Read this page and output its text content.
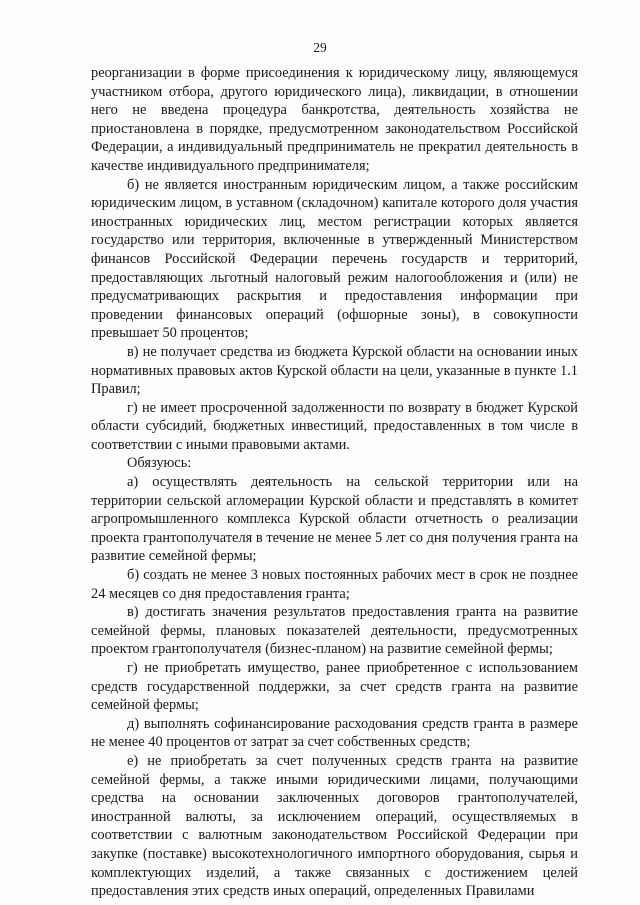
29

реорганизации в форме присоединения к юридическому лицу, являющемуся участником отбора, другого юридического лица), ликвидации, в отношении него не введена процедура банкротства, деятельность хозяйства не приостановлена в порядке, предусмотренном законодательством Российской Федерации, а индивидуальный предприниматель не прекратил деятельность в качестве индивидуального предпринимателя;

б) не является иностранным юридическим лицом, а также российским юридическим лицом, в уставном (складочном) капитале которого доля участия иностранных юридических лиц, местом регистрации которых является государство или территория, включенные в утвержденный Министерством финансов Российской Федерации перечень государств и территорий, предоставляющих льготный налоговый режим налогообложения и (или) не предусматривающих раскрытия и предоставления информации при проведении финансовых операций (офшорные зоны), в совокупности превышает 50 процентов;

в) не получает средства из бюджета Курской области на основании иных нормативных правовых актов Курской области на цели, указанные в пункте 1.1 Правил;

г) не имеет просроченной задолженности по возврату в бюджет Курской области субсидий, бюджетных инвестиций, предоставленных в том числе в соответствии с иными правовыми актами.

Обязуюсь:

а) осуществлять деятельность на сельской территории или на территории сельской агломерации Курской области и представлять в комитет агропромышленного комплекса Курской области отчетность о реализации проекта грантополучателя в течение не менее 5 лет со дня получения гранта на развитие семейной фермы;

б) создать не менее 3 новых постоянных рабочих мест в срок не позднее 24 месяцев со дня предоставления гранта;

в) достигать значения результатов предоставления гранта на развитие семейной фермы, плановых показателей деятельности, предусмотренных проектом грантополучателя (бизнес-планом) на развитие семейной фермы;

г) не приобретать имущество, ранее приобретенное с использованием средств государственной поддержки, за счет средств гранта на развитие семейной фермы;

д) выполнять софинансирование расходования средств гранта в размере не менее 40 процентов от затрат за счет собственных средств;

е) не приобретать за счет полученных средств гранта на развитие семейной фермы, а также иными юридическими лицами, получающими средства на основании заключенных договоров грантополучателей, иностранной валюты, за исключением операций, осуществляемых в соответствии с валютным законодательством Российской Федерации при закупке (поставке) высокотехнологичного импортного оборудования, сырья и комплектующих изделий, а также связанных с достижением целей предоставления этих средств иных операций, определенных Правилами
